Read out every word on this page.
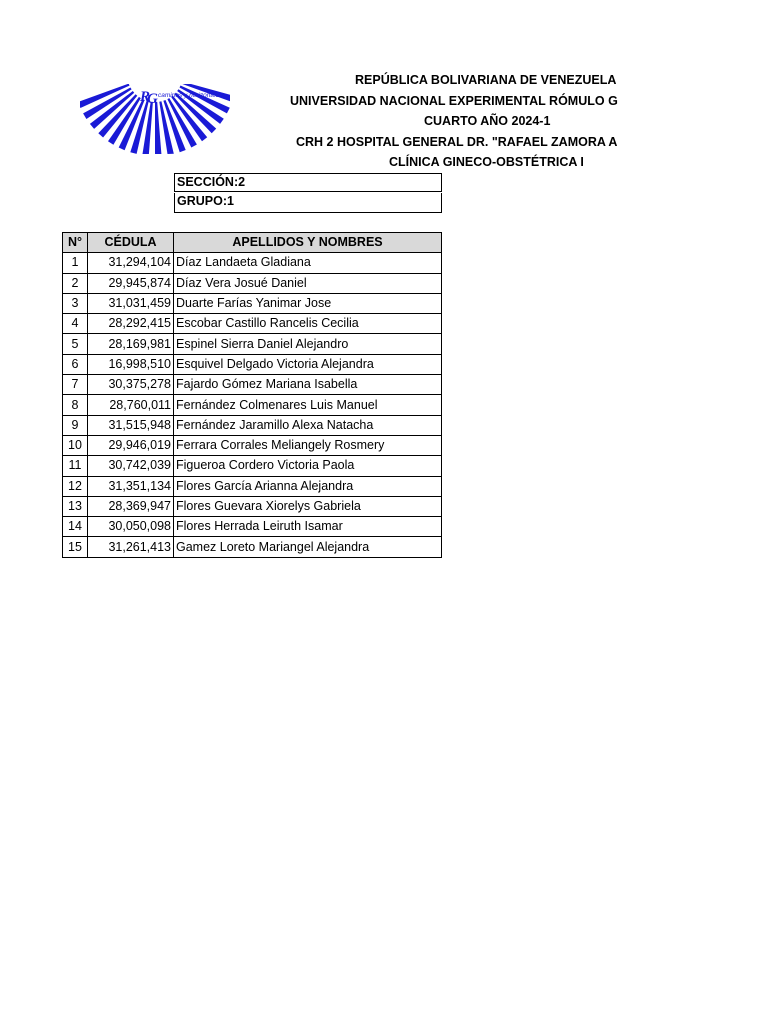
caminos y horizontes
R
G
REPÚBLICA BOLIVARIANA DE VENEZUELA
UNIVERSIDAD NACIONAL EXPERIMENTAL RÓMULO G
CUARTO AÑO 2024-1
CRH 2 HOSPITAL GENERAL DR. "RAFAEL ZAMORA A
CLÍNICA GINECO-OBSTÉTRICA I
SECCIÓN:2
GRUPO:1
N°	CÉDULA	APELLIDOS Y NOMBRES
1	31,294,104	Díaz Landaeta Gladiana
2	29,945,874	Díaz Vera Josué Daniel
3	31,031,459	Duarte Farías Yanimar Jose
4	28,292,415	Escobar Castillo Rancelis Cecilia
5	28,169,981	Espinel Sierra Daniel Alejandro
6	16,998,510	Esquivel Delgado Victoria Alejandra
7	30,375,278	Fajardo Gómez Mariana Isabella
8	28,760,011	Fernández Colmenares Luis Manuel
9	31,515,948	Fernández Jaramillo Alexa Natacha
10	29,946,019	Ferrara Corrales Meliangely Rosmery
11	30,742,039	Figueroa Cordero Victoria Paola
12	31,351,134	Flores García Arianna Alejandra
13	28,369,947	Flores Guevara Xiorelys Gabriela
14	30,050,098	Flores Herrada Leiruth Isamar
15	31,261,413	Gamez Loreto Mariangel Alejandra
